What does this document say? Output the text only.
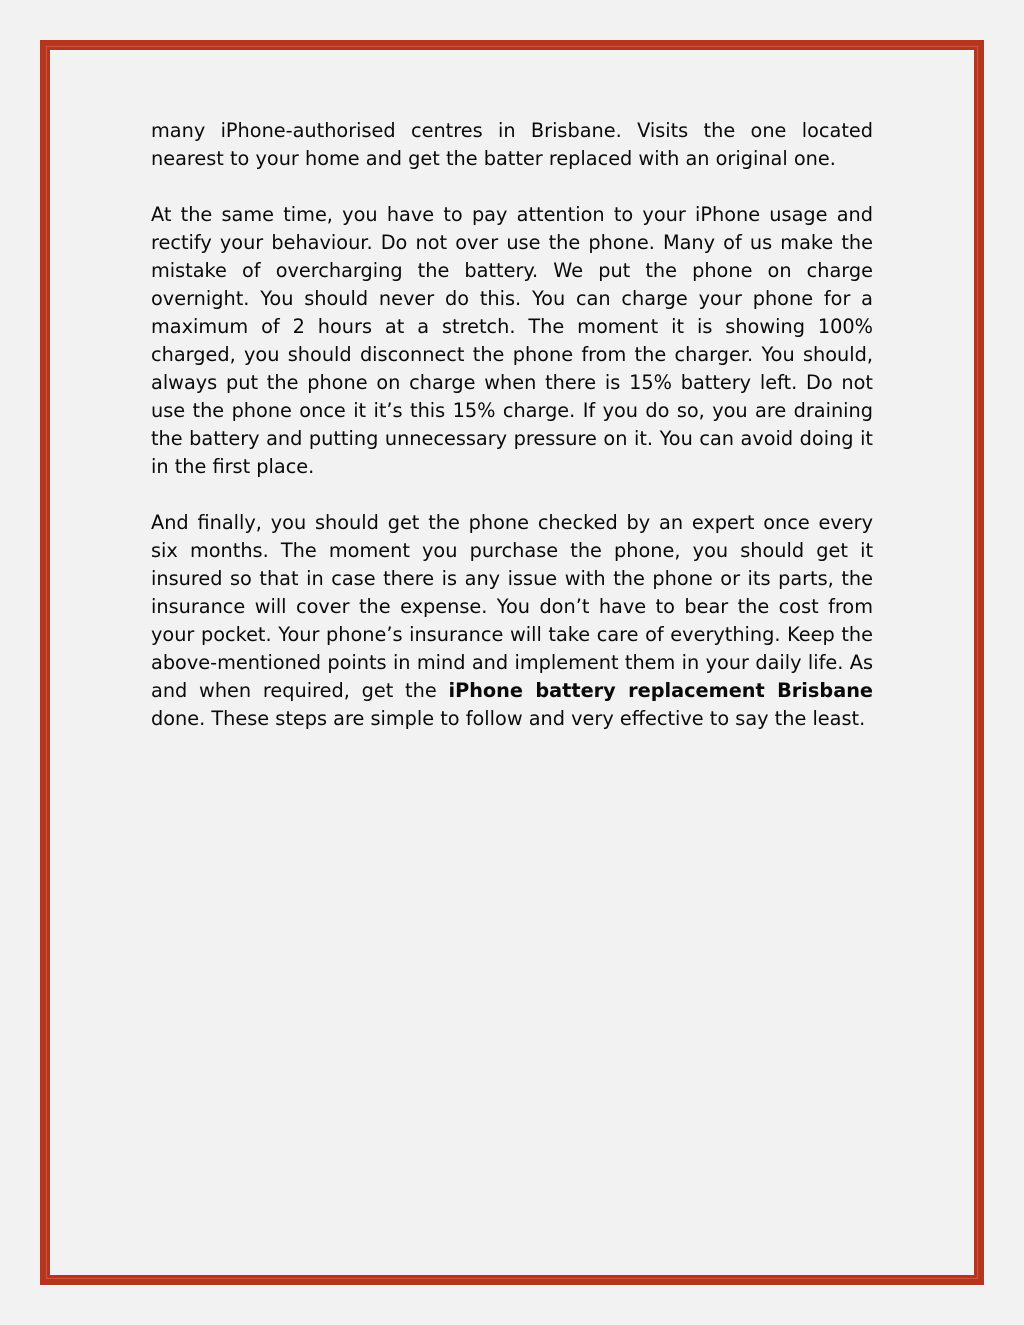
many iPhone-authorised centres in Brisbane. Visits the one located nearest to your home and get the batter replaced with an original one.

At the same time, you have to pay attention to your iPhone usage and rectify your behaviour. Do not over use the phone. Many of us make the mistake of overcharging the battery. We put the phone on charge overnight. You should never do this. You can charge your phone for a maximum of 2 hours at a stretch. The moment it is showing 100% charged, you should disconnect the phone from the charger. You should, always put the phone on charge when there is 15% battery left. Do not use the phone once it it’s this 15% charge. If you do so, you are draining the battery and putting unnecessary pressure on it. You can avoid doing it in the first place.

And finally, you should get the phone checked by an expert once every six months. The moment you purchase the phone, you should get it insured so that in case there is any issue with the phone or its parts, the insurance will cover the expense. You don’t have to bear the cost from your pocket. Your phone’s insurance will take care of everything. Keep the above-mentioned points in mind and implement them in your daily life. As and when required, get the iPhone battery replacement Brisbane done. These steps are simple to follow and very effective to say the least.
